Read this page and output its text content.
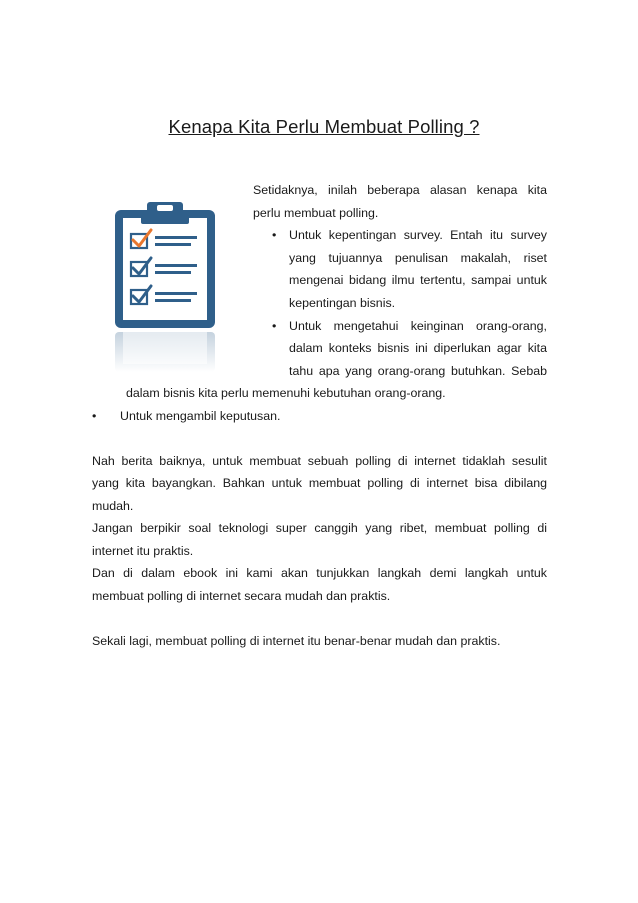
Kenapa Kita Perlu Membuat Polling ?
Setidaknya, inilah beberapa alasan kenapa kita
perlu membuat polling.
• Untuk kepentingan survey. Entah itu survey
yang tujuannya penulisan makalah, riset
mengenai bidang ilmu tertentu, sampai untuk
kepentingan bisnis.
• Untuk mengetahui keinginan orang-orang,
dalam konteks bisnis ini diperlukan agar kita
tahu apa yang orang-orang butuhkan. Sebab
dalam bisnis kita perlu memenuhi kebutuhan orang-orang.
• Untuk mengambil keputusan.
Nah berita baiknya, untuk membuat sebuah polling di internet tidaklah sesulit
yang kita bayangkan. Bahkan untuk membuat polling di internet bisa dibilang
mudah.
Jangan berpikir soal teknologi super canggih yang ribet, membuat polling di
internet itu praktis.
Dan di dalam ebook ini kami akan tunjukkan langkah demi langkah untuk
membuat polling di internet secara mudah dan praktis.
Sekali lagi, membuat polling di internet itu benar-benar mudah dan praktis.
